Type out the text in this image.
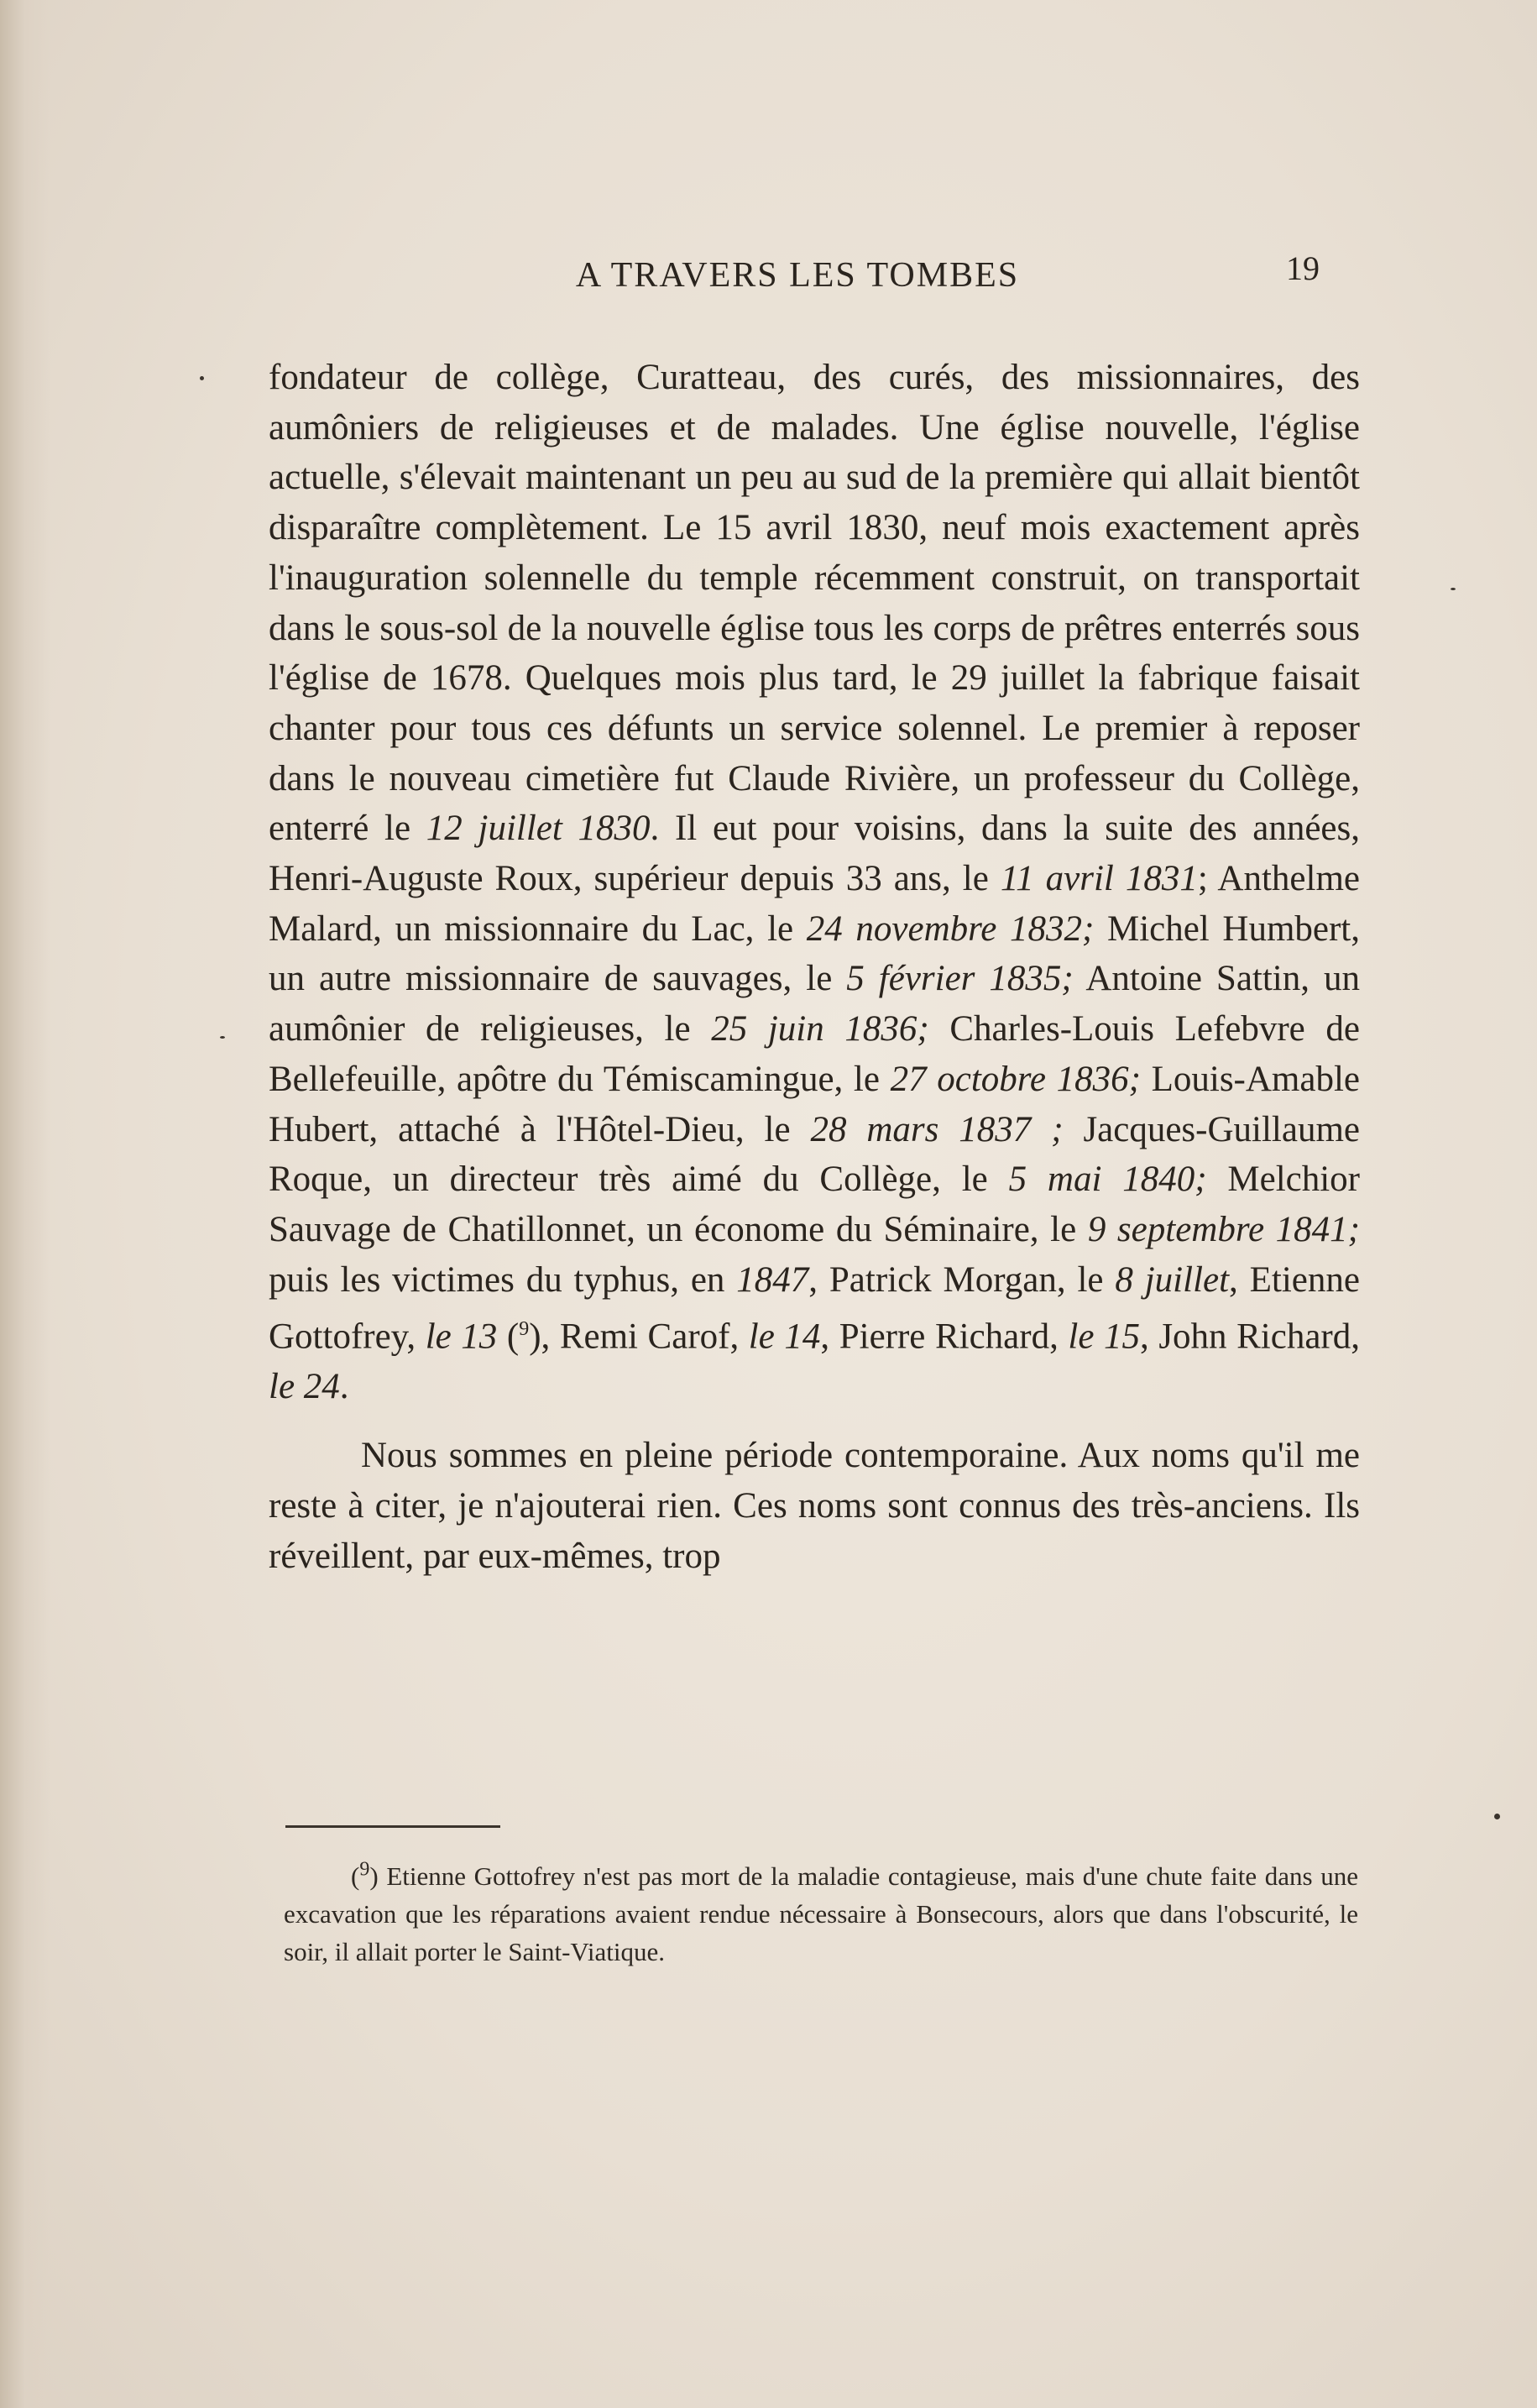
A TRAVERS LES TOMBES	19

fondateur de collège, Curatteau, des curés, des missionnaires, des aumôniers de religieuses et de malades. Une église nouvelle, l'église actuelle, s'élevait maintenant un peu au sud de la première qui allait bientôt disparaître complètement. Le 15 avril 1830, neuf mois exactement après l'inauguration solennelle du temple récemment construit, on transportait dans le sous-sol de la nouvelle église tous les corps de prêtres enterrés sous l'église de 1678. Quelques mois plus tard, le 29 juillet la fabrique faisait chanter pour tous ces défunts un service solennel. Le premier à reposer dans le nouveau cimetière fut Claude Rivière, un professeur du Collège, enterré le 12 juillet 1830. Il eut pour voisins, dans la suite des années, Henri-Auguste Roux, supérieur depuis 33 ans, le 11 avril 1831; Anthelme Malard, un missionnaire du Lac, le 24 novembre 1832; Michel Humbert, un autre missionnaire de sauvages, le 5 février 1835; Antoine Sattin, un aumônier de religieuses, le 25 juin 1836; Charles-Louis Lefebvre de Bellefeuille, apôtre du Témiscamingue, le 27 octobre 1836; Louis-Amable Hubert, attaché à l'Hôtel-Dieu, le 28 mars 1837 ; Jacques-Guillaume Roque, un directeur très aimé du Collège, le 5 mai 1840; Melchior Sauvage de Chatillonnet, un économe du Séminaire, le 9 septembre 1841; puis les victimes du typhus, en 1847, Patrick Morgan, le 8 juillet, Etienne Gottofrey, le 13 ($^9$), Remi Carof, le 14, Pierre Richard, le 15, John Richard, le 24.

Nous sommes en pleine période contemporaine. Aux noms qu'il me reste à citer, je n'ajouterai rien. Ces noms sont connus des très-anciens. Ils réveillent, par eux-mêmes, trop

($^9$) Etienne Gottofrey n'est pas mort de la maladie contagieuse, mais d'une chute faite dans une excavation que les réparations avaient rendue nécessaire à Bonsecours, alors que dans l'obscurité, le soir, il allait porter le Saint-Viatique.
